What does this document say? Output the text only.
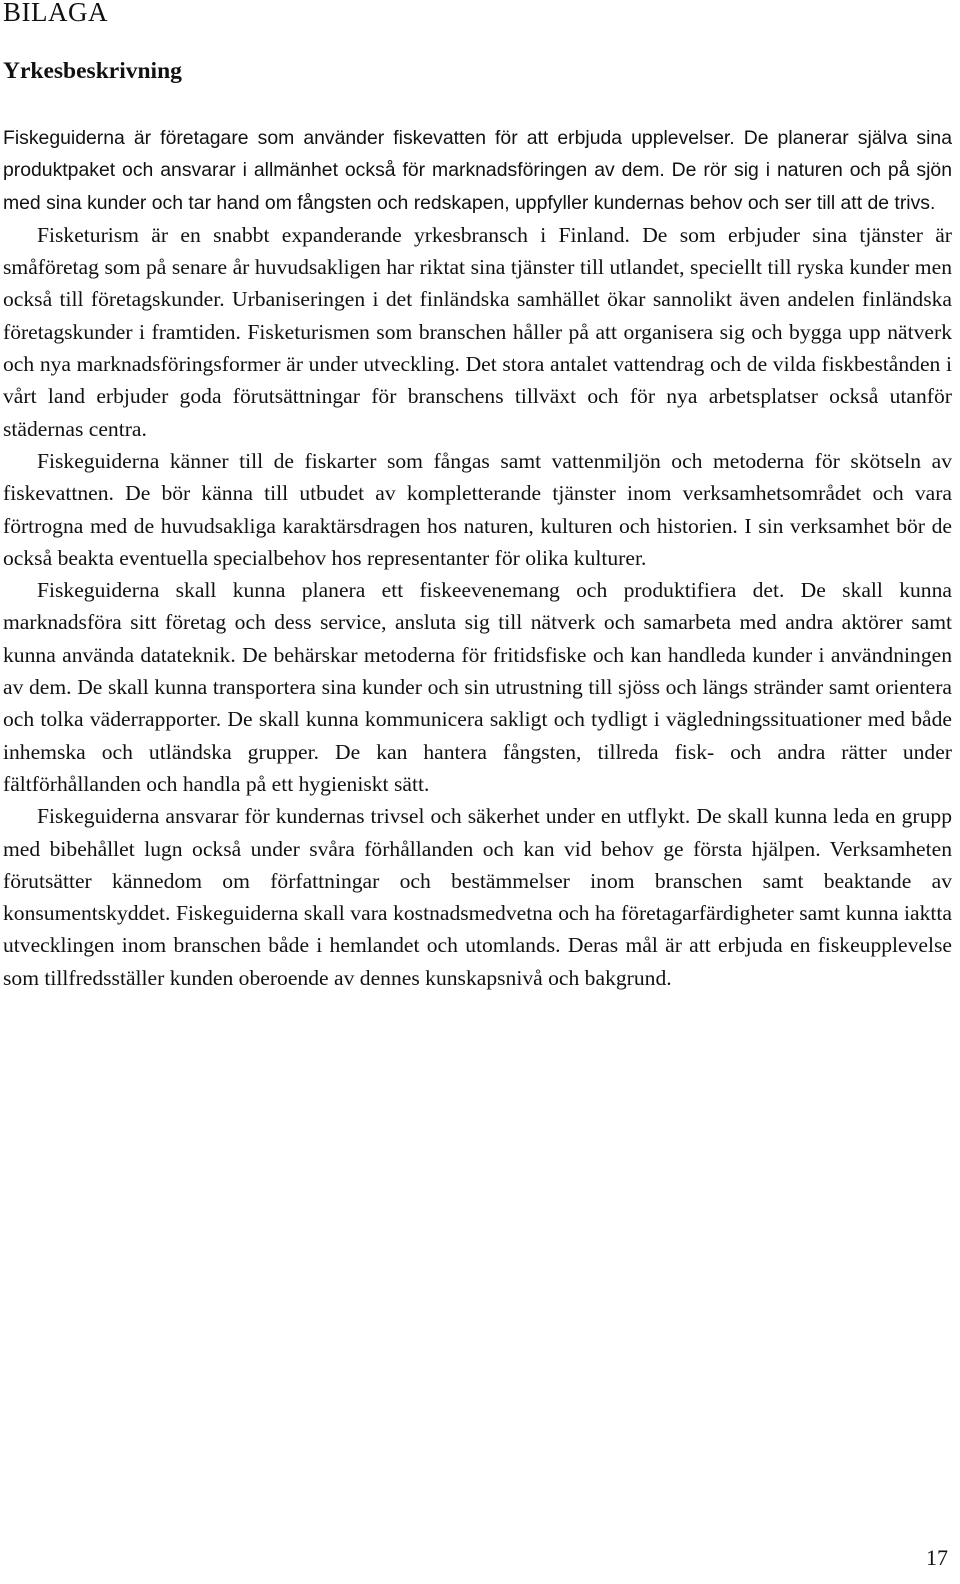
BILAGA
Yrkesbeskrivning

Fiskeguiderna är företagare som använder fiskevatten för att erbjuda upplevelser. De planerar själva sina produktpaket och ansvarar i allmänhet också för marknadsföringen av dem. De rör sig i naturen och på sjön med sina kunder och tar hand om fångsten och redskapen, uppfyller kundernas behov och ser till att de trivs.

Fisketurism är en snabbt expanderande yrkesbransch i Finland. De som erbjuder sina tjänster är småföretag som på senare år huvudsakligen har riktat sina tjänster till utlandet, speciellt till ryska kunder men också till företagskunder. Urbaniseringen i det finländska samhället ökar sannolikt även andelen finländska företagskunder i framtiden. Fisketurismen som branschen håller på att organisera sig och bygga upp nätverk och nya marknadsföringsformer är under utveckling. Det stora antalet vattendrag och de vilda fiskbestånden i vårt land erbjuder goda förutsättningar för branschens tillväxt och för nya arbetsplatser också utanför städernas centra.

Fiskeguiderna känner till de fiskarter som fångas samt vattenmiljön och metoderna för skötseln av fiskevattnen. De bör känna till utbudet av kompletterande tjänster inom verksamhetsområdet och vara förtrogna med de huvudsakliga karaktärsdragen hos naturen, kulturen och historien. I sin verksamhet bör de också beakta eventuella specialbehov hos representanter för olika kulturer.

Fiskeguiderna skall kunna planera ett fiskeevenemang och produktifiera det. De skall kunna marknadsföra sitt företag och dess service, ansluta sig till nätverk och samarbeta med andra aktörer samt kunna använda datateknik. De behärskar metoderna för fritidsfiske och kan handleda kunder i användningen av dem. De skall kunna transportera sina kunder och sin utrustning till sjöss och längs stränder samt orientera och tolka väderrapporter. De skall kunna kommunicera sakligt och tydligt i vägledningssituationer med både inhemska och utländska grupper. De kan hantera fångsten, tillreda fisk- och andra rätter under fältförhållanden och handla på ett hygieniskt sätt.

Fiskeguiderna ansvarar för kundernas trivsel och säkerhet under en utflykt. De skall kunna leda en grupp med bibehållet lugn också under svåra förhållanden och kan vid behov ge första hjälpen. Verksamheten förutsätter kännedom om författningar och bestämmelser inom branschen samt beaktande av konsumentskyddet. Fiskeguiderna skall vara kostnadsmedvetna och ha företagarfärdigheter samt kunna iaktta utvecklingen inom branschen både i hemlandet och utomlands. Deras mål är att erbjuda en fiskeupplevelse som tillfredsställer kunden oberoende av dennes kunskapsnivå och bakgrund.

17
